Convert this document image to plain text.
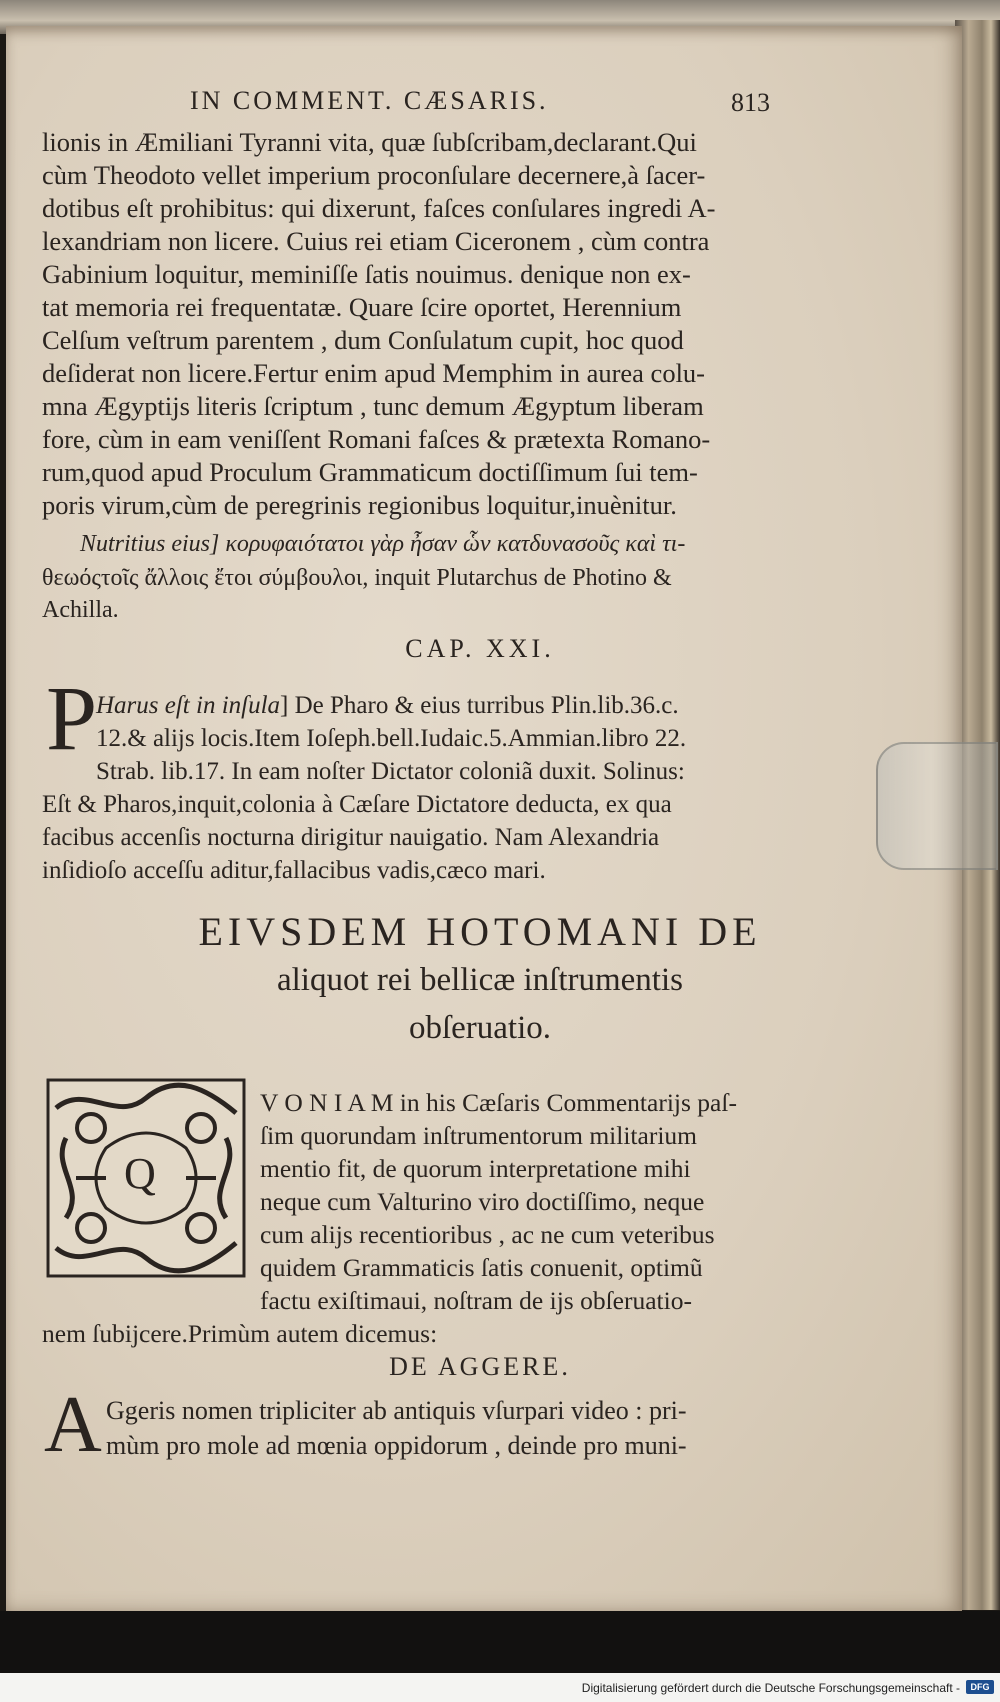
IN COMMENT. CÆSARIS.	813
lionis in Æmiliani Tyranni vita, quæ ſubſcribam,declarant.Qui
cùm Theodoto vellet imperium proconſulare decernere,à ſacer-
dotibus eſt prohibitus: qui dixerunt, faſces conſulares ingredi A-
lexandriam non licere. Cuius rei etiam Ciceronem , cùm contra
Gabinium loquitur, meminiſſe ſatis nouimus. denique non ex-
tat memoria rei frequentatæ. Quare ſcire oportet, Herennium
Celſum veſtrum parentem , dum Conſulatum cupit, hoc quod
deſiderat non licere.Fertur enim apud Memphim in aurea colu-
mna Ægyptijs literis ſcriptum , tunc demum Ægyptum liberam
fore, cùm in eam veniſſent Romani faſces & prætexta Romano-
rum,quod apud Proculum Grammaticum doctiſſimum ſui tem-
poris virum,cùm de peregrinis regionibus loquitur,inuènitur.
Nutritius eius] κορυφαιότατοι γὰρ ἦσαν ὧν κατδυνασοῦς καὶ τι-
θεωόςτοῖς ἄλλοις ἔτοι σύμβουλοι, inquit Plutarchus de Photino &
Achilla.
CAP. XXI.
P
Harus eſt in inſula] De Pharo & eius turribus Plin.lib.36.c.
12.& alijs locis.Item Ioſeph.bell.Iudaic.5.Ammian.libro 22.
Strab. lib.17. In eam noſter Dictator coloniã duxit. Solinus:
Eſt & Pharos,inquit,colonia à Cæſare Dictatore deducta, ex qua
facibus accenſis nocturna dirigitur nauigatio. Nam Alexandria
inſidioſo acceſſu aditur,fallacibus vadis,cæco mari.
EIVSDEM HOTOMANI DE
aliquot rei bellicæ inſtrumentis
obſeruatio.
Q
V O N I A M in his Cæſaris Commentarijs paſ-
ſim quorundam inſtrumentorum militarium
mentio fit, de quorum interpretatione mihi
neque cum Valturino viro doctiſſimo, neque
cum alijs recentioribus , ac ne cum veteribus
quidem Grammaticis ſatis conuenit, optimũ
factu exiſtimaui, noſtram de ijs obſeruatio-
nem ſubijcere.Primùm autem dicemus:
DE AGGERE.
A Ggeris nomen tripliciter ab antiquis vſurpari video : pri-
mùm pro mole ad mœnia oppidorum , deinde pro muni-
Digitalisierung gefördert durch die Deutsche Forschungsgemeinschaft -	DFG
